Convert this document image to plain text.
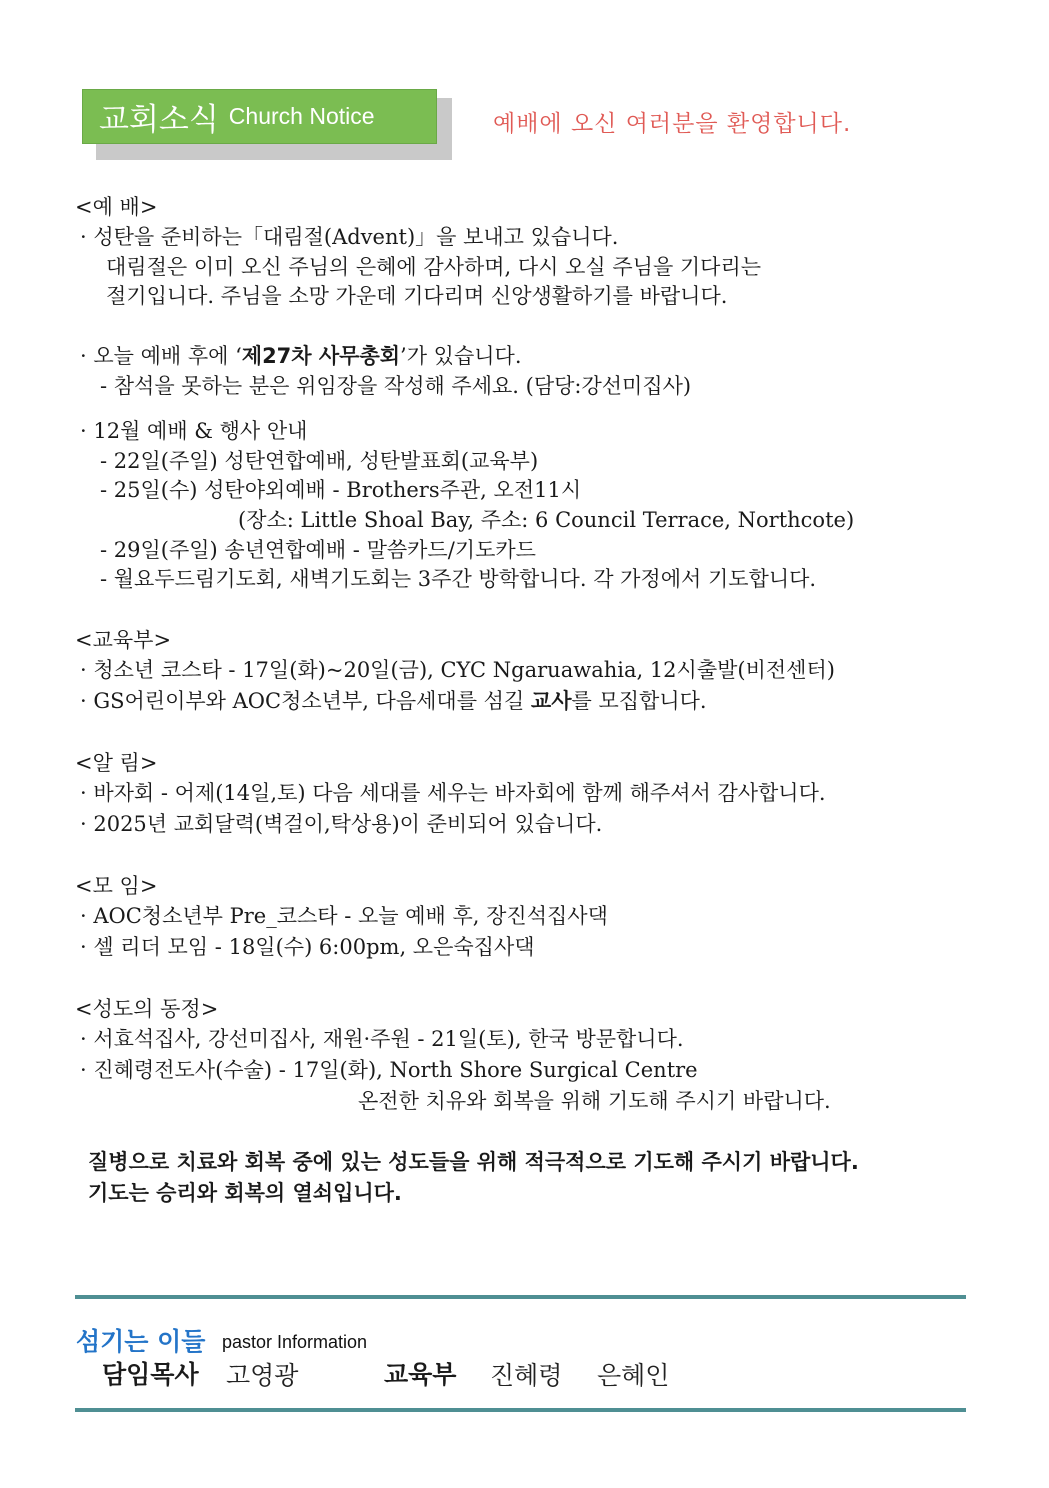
교회소식 Church Notice	예배에 오신 여러분을 환영합니다.
<예 배>
· 성탄을 준비하는「대림절(Advent)」을 보내고 있습니다.
대림절은 이미 오신 주님의 은혜에 감사하며, 다시 오실 주님을 기다리는
절기입니다. 주님을 소망 가운데 기다리며 신앙생활하기를 바랍니다.
· 오늘 예배 후에 ‘제27차 사무총회’가 있습니다.
- 참석을 못하는 분은 위임장을 작성해 주세요. (담당:강선미집사)
· 12월 예배 & 행사 안내
- 22일(주일) 성탄연합예배, 성탄발표회(교육부)
- 25일(수) 성탄야외예배 - Brothers주관, 오전11시
(장소: Little Shoal Bay, 주소: 6 Council Terrace, Northcote)
- 29일(주일) 송년연합예배 - 말씀카드/기도카드
- 월요두드림기도회, 새벽기도회는 3주간 방학합니다. 각 가정에서 기도합니다.
<교육부>
· 청소년 코스타 - 17일(화)~20일(금), CYC Ngaruawahia, 12시출발(비전센터)
· GS어린이부와 AOC청소년부, 다음세대를 섬길 교사를 모집합니다.
<알 림>
· 바자회 - 어제(14일,토) 다음 세대를 세우는 바자회에 함께 해주셔서 감사합니다.
· 2025년 교회달력(벽걸이,탁상용)이 준비되어 있습니다.
<모 임>
· AOC청소년부 Pre_코스타 - 오늘 예배 후, 장진석집사댁
· 셀 리더 모임 - 18일(수) 6:00pm, 오은숙집사댁
<성도의 동정>
· 서효석집사, 강선미집사, 재원·주원 - 21일(토), 한국 방문합니다.
· 진혜령전도사(수술) - 17일(화), North Shore Surgical Centre
온전한 치유와 회복을 위해 기도해 주시기 바랍니다.
질병으로 치료와 회복 중에 있는 성도들을 위해 적극적으로 기도해 주시기 바랍니다.
기도는 승리와 회복의 열쇠입니다.
섬기는 이들 pastor Information
담임목사 고영광	교육부 진혜령 은혜인
